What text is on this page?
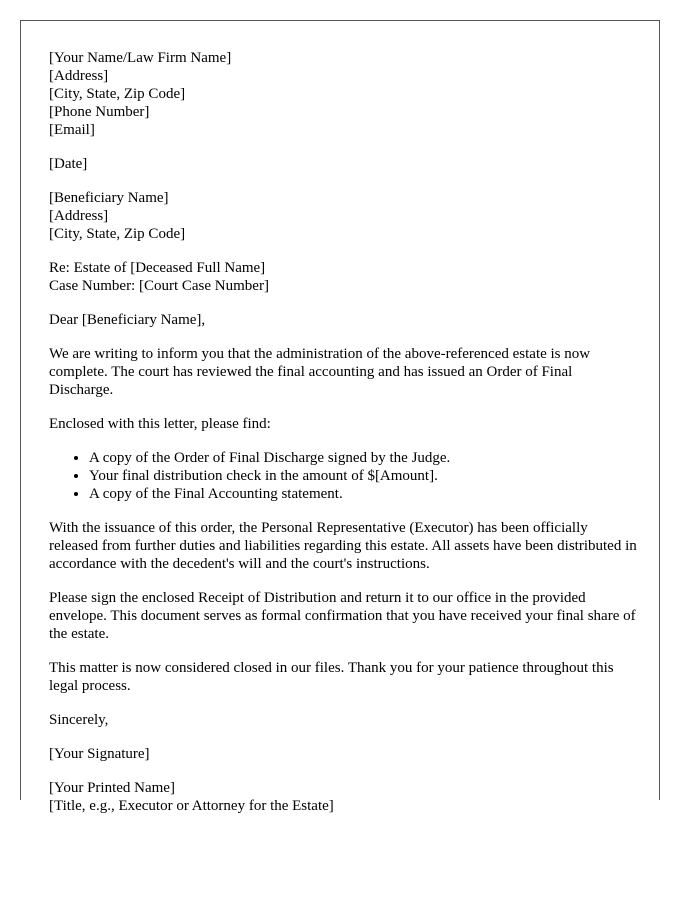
[Your Name/Law Firm Name]
[Address]
[City, State, Zip Code]
[Phone Number]
[Email]
[Date]
[Beneficiary Name]
[Address]
[City, State, Zip Code]
Re: Estate of [Deceased Full Name]
Case Number: [Court Case Number]

Dear [Beneficiary Name],

We are writing to inform you that the administration of the above-referenced estate is now complete. The court has reviewed the final accounting and has issued an Order of Final Discharge.

Enclosed with this letter, please find:

• A copy of the Order of Final Discharge signed by the Judge.
• Your final distribution check in the amount of $[Amount].
• A copy of the Final Accounting statement.

With the issuance of this order, the Personal Representative (Executor) has been officially released from further duties and liabilities regarding this estate. All assets have been distributed in accordance with the decedent's will and the court's instructions.

Please sign the enclosed Receipt of Distribution and return it to our office in the provided envelope. This document serves as formal confirmation that you have received your final share of the estate.

This matter is now considered closed in our files. Thank you for your patience throughout this legal process.

Sincerely,

[Your Signature]

[Your Printed Name]
[Title, e.g., Executor or Attorney for the Estate]
